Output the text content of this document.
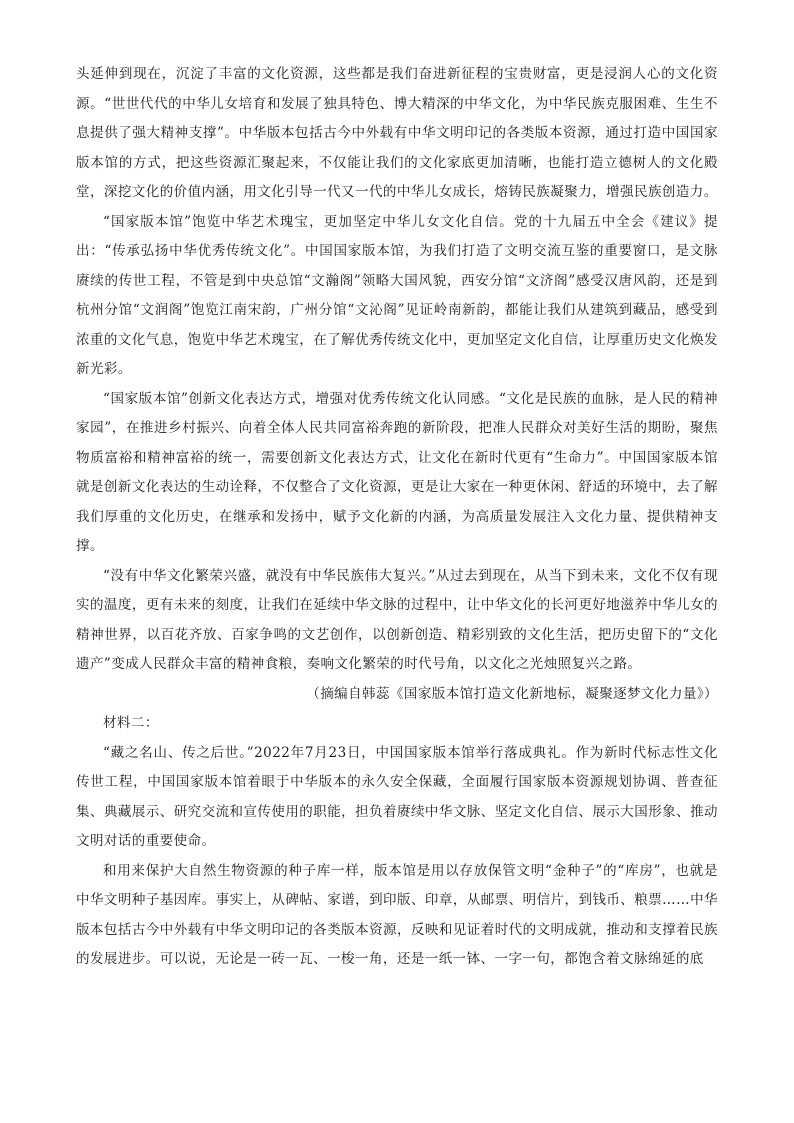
头延伸到现在，沉淀了丰富的文化资源，这些都是我们奋进新征程的宝贵财富，更是浸润人心的文化资源。“世世代代的中华儿女培育和发展了独具特色、博大精深的中华文化，为中华民族克服困难、生生不息提供了强大精神支撑”。中华版本包括古今中外载有中华文明印记的各类版本资源，通过打造中国国家版本馆的方式，把这些资源汇聚起来，不仅能让我们的文化家底更加清晰，也能打造立德树人的文化殿堂，深挖文化的价值内涵，用文化引导一代又一代的中华儿女成长，熔铸民族凝聚力，增强民族创造力。

“国家版本馆”饱览中华艺术瑰宝，更加坚定中华儿女文化自信。党的十九届五中全会《建议》提出：“传承弘扬中华优秀传统文化”。中国国家版本馆，为我们打造了文明交流互鉴的重要窗口，是文脉赓续的传世工程，不管是到中央总馆“文瀚阁”领略大国风貌，西安分馆“文济阁”感受汉唐风韵，还是到杭州分馆“文润阁”饱览江南宋韵，广州分馆“文沁阁”见证岭南新韵，都能让我们从建筑到藏品，感受到浓重的文化气息，饱览中华艺术瑰宝，在了解优秀传统文化中，更加坚定文化自信，让厚重历史文化焕发新光彩。

“国家版本馆”创新文化表达方式，增强对优秀传统文化认同感。“文化是民族的血脉，是人民的精神家园”，在推进乡村振兴、向着全体人民共同富裕奔跑的新阶段，把准人民群众对美好生活的期盼，聚焦物质富裕和精神富裕的统一，需要创新文化表达方式，让文化在新时代更有“生命力”。中国国家版本馆就是创新文化表达的生动诠释，不仅整合了文化资源，更是让大家在一种更休闲、舒适的环境中，去了解我们厚重的文化历史，在继承和发扬中，赋予文化新的内涵，为高质量发展注入文化力量、提供精神支撑。

“没有中华文化繁荣兴盛，就没有中华民族伟大复兴。”从过去到现在，从当下到未来，文化不仅有现实的温度，更有未来的刻度，让我们在延续中华文脉的过程中，让中华文化的长河更好地滋养中华儿女的精神世界，以百花齐放、百家争鸣的文艺创作，以创新创造、精彩别致的文化生活，把历史留下的“文化遗产”变成人民群众丰富的精神食粮，奏响文化繁荣的时代号角，以文化之光烛照复兴之路。

（摘编自韩蕊《国家版本馆打造文化新地标，凝聚逐梦文化力量》）

材料二：

“藏之名山、传之后世。”2022年7月23日，中国国家版本馆举行落成典礼。作为新时代标志性文化传世工程，中国国家版本馆着眼于中华版本的永久安全保藏，全面履行国家版本资源规划协调、普查征集、典藏展示、研究交流和宣传使用的职能，担负着赓续中华文脉、坚定文化自信、展示大国形象、推动文明对话的重要使命。

和用来保护大自然生物资源的种子库一样，版本馆是用以存放保管文明“金种子”的“库房”，也就是中华文明种子基因库。事实上，从碑帖、家谱，到印版、印章，从邮票、明信片，到钱币、粮票……中华版本包括古今中外载有中华文明印记的各类版本资源，反映和见证着时代的文明成就，推动和支撑着民族的发展进步。可以说，无论是一砖一瓦、一梭一角，还是一纸一钵、一字一句，都饱含着文脉绵延的底
